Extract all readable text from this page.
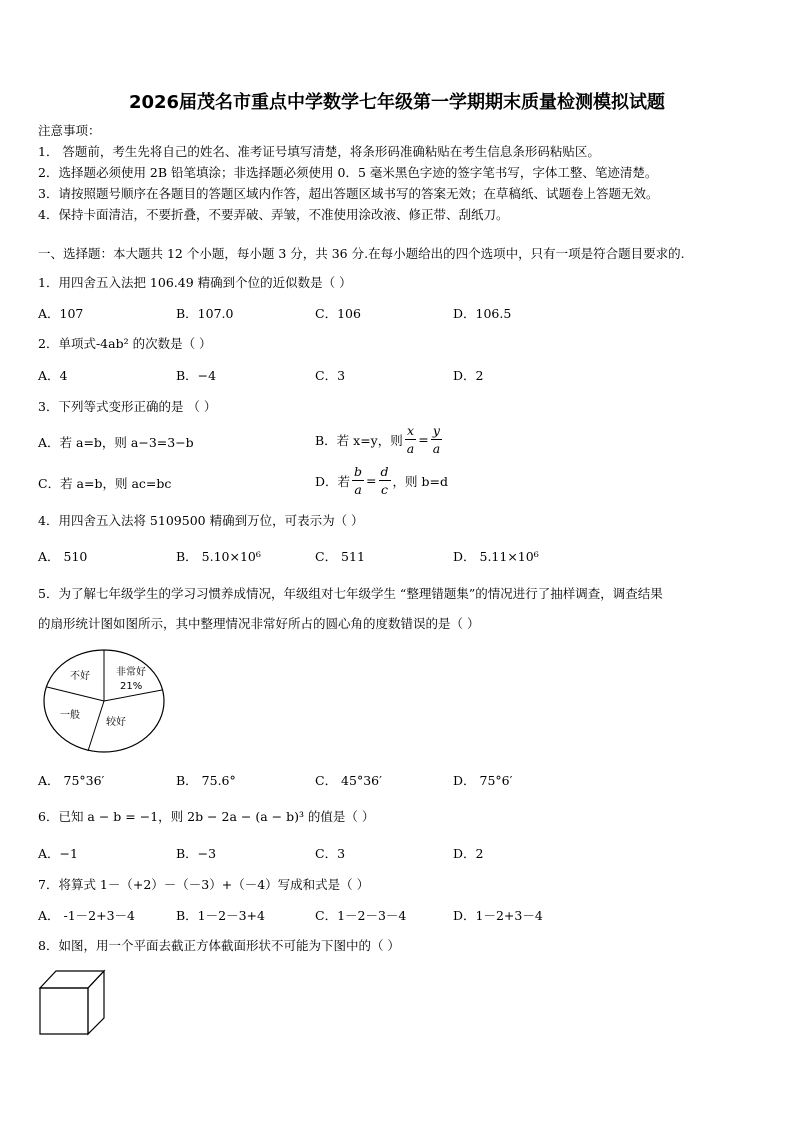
2026届茂名市重点中学数学七年级第一学期期末质量检测模拟试题
注意事项：
1． 答题前，考生先将自己的姓名、准考证号填写清楚，将条形码准确粘贴在考生信息条形码粘贴区。
2．选择题必须使用 2B 铅笔填涂；非选择题必须使用 0．5 毫米黑色字迹的签字笔书写，字体工整、笔迹清楚。
3．请按照题号顺序在各题目的答题区域内作答，超出答题区域书写的答案无效；在草稿纸、试题卷上答题无效。
4．保持卡面清洁，不要折叠，不要弄破、弄皱，不准使用涂改液、修正带、刮纸刀。
一、选择题：本大题共 12 个小题，每小题 3 分，共 36 分.在每小题给出的四个选项中，只有一项是符合题目要求的.
1．用四舍五入法把 106.49 精确到个位的近似数是（ ）
A．107	B．107.0	C．106	D．106.5
2．单项式-4ab² 的次数是（ ）
A．4	B．−4	C．3	D．2
3．下列等式变形正确的是 （ ）
A．若 a=b，则 a−3=3−b	B．若 x=y，则 $\frac{x}{a} = \frac{y}{a}$
C．若 a=b，则 ac=bc	D．若 $\frac{b}{a} = \frac{d}{c}$ ，则 b=d
4．用四舍五入法将 5109500 精确到万位，可表示为（ ）
A． 510	B． 5.10×10⁶	C． 511	D． 5.11×10⁶
5．为了解七年级学生的学习习惯养成情况，年级组对七年级学生 “整理错题集”的情况进行了抽样调查，调查结果
的扇形统计图如图所示，其中整理情况非常好所占的圆心角的度数错误的是（ ）
非常好
21%
不好
一般
较好
A． 75°36′	B． 75.6°	C． 45°36′	D． 75°6′
6．已知 a − b = −1，则 2b − 2a − (a − b)³ 的值是（ ）
A．−1	B．−3	C．3	D．2
7．将算式 1－（+2）－（－3）+（－4）写成和式是（ ）
A． -1－2+3－4	B．1－2－3+4	C．1－2－3－4	D．1－2+3－4
8．如图，用一个平面去截正方体截面形状不可能为下图中的（ ）
